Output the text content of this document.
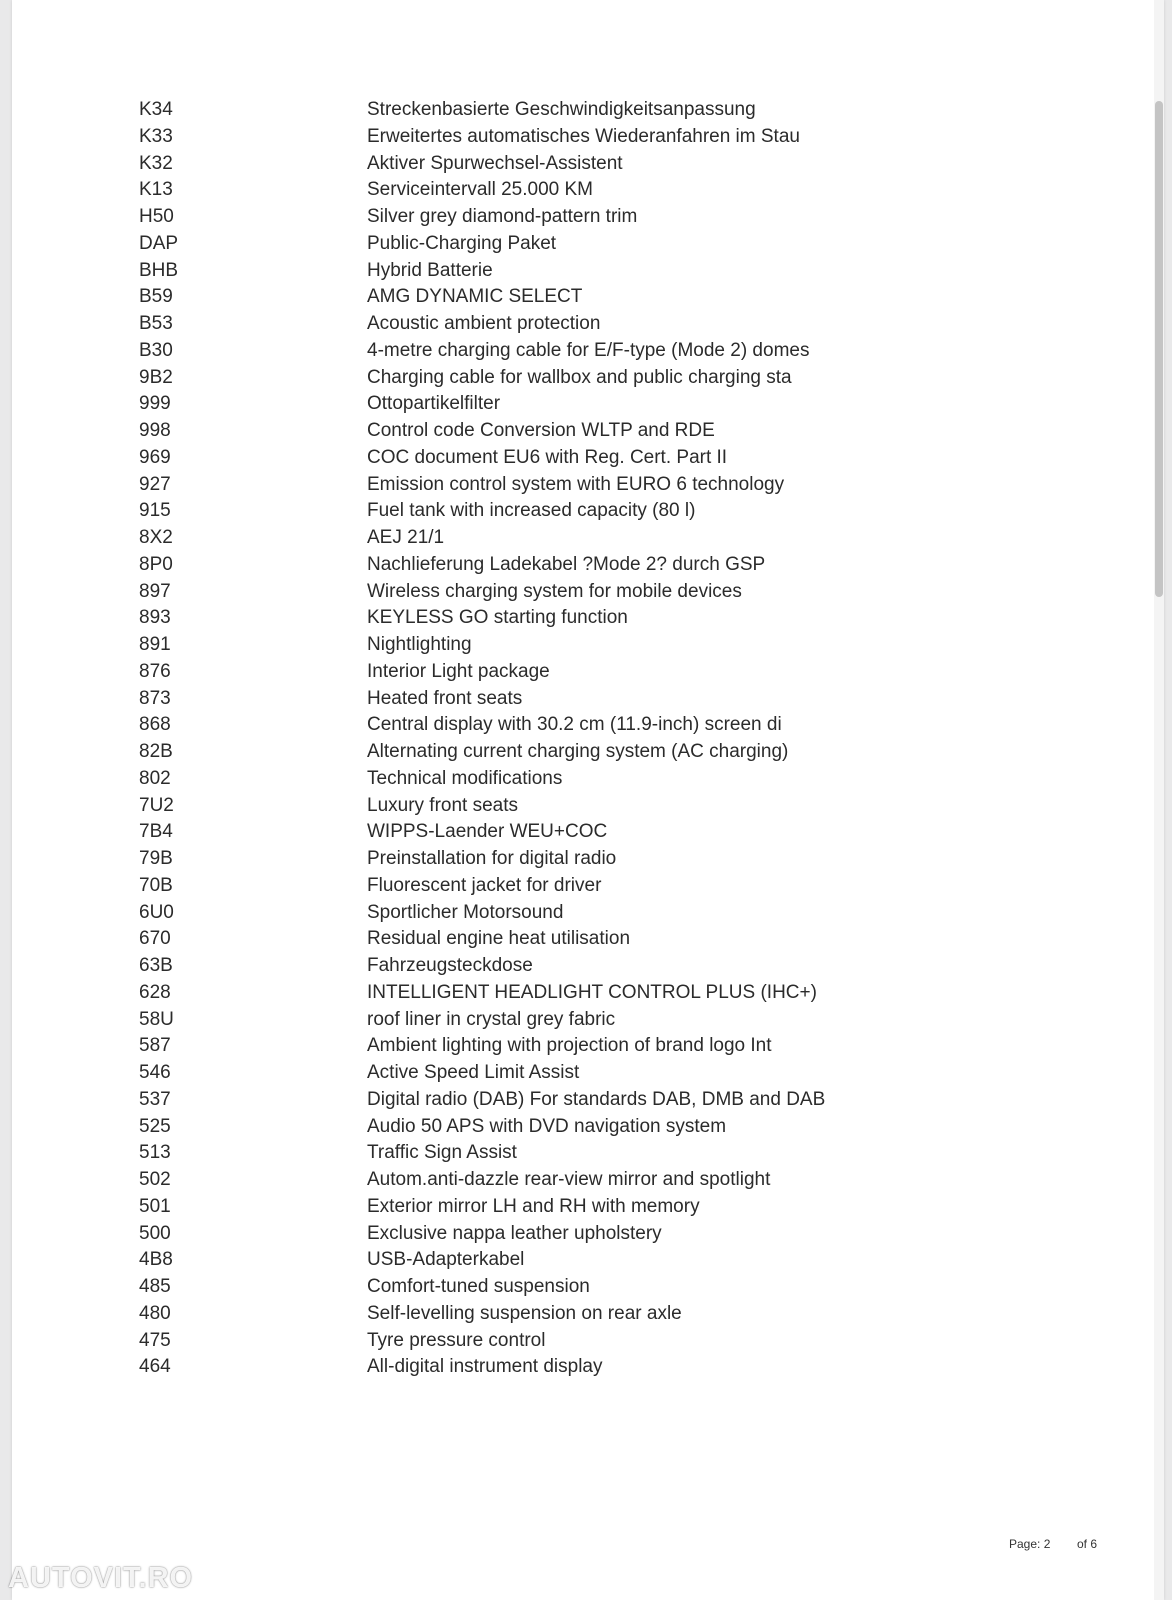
K34	Streckenbasierte Geschwindigkeitsanpassung
K33	Erweitertes automatisches Wiederanfahren im Stau
K32	Aktiver Spurwechsel-Assistent
K13	Serviceintervall 25.000 KM
H50	Silver grey diamond-pattern trim
DAP	Public-Charging Paket
BHB	Hybrid Batterie
B59	AMG DYNAMIC SELECT
B53	Acoustic ambient protection
B30	4-metre charging cable for E/F-type (Mode 2) domes
9B2	Charging cable for wallbox and public charging sta
999	Ottopartikelfilter
998	Control code Conversion WLTP and RDE
969	COC document EU6 with Reg. Cert. Part II
927	Emission control system with EURO 6 technology
915	Fuel tank with increased capacity (80 l)
8X2	AEJ 21/1
8P0	Nachlieferung Ladekabel ?Mode 2? durch GSP
897	Wireless charging system for mobile devices
893	KEYLESS GO starting function
891	Nightlighting
876	Interior Light package
873	Heated front seats
868	Central display with 30.2 cm (11.9-inch) screen di
82B	Alternating current charging system (AC charging)
802	Technical modifications
7U2	Luxury front seats
7B4	WIPPS-Laender WEU+COC
79B	Preinstallation for digital radio
70B	Fluorescent jacket for driver
6U0	Sportlicher Motorsound
670	Residual engine heat utilisation
63B	Fahrzeugsteckdose
628	INTELLIGENT HEADLIGHT CONTROL PLUS (IHC+)
58U	roof liner in crystal grey fabric
587	Ambient lighting with projection of brand logo Int
546	Active Speed Limit Assist
537	Digital radio (DAB) For standards DAB, DMB and DAB
525	Audio 50 APS with DVD navigation system
513	Traffic Sign Assist
502	Autom.anti-dazzle rear-view mirror and spotlight
501	Exterior mirror LH and RH with memory
500	Exclusive nappa leather upholstery
4B8	USB-Adapterkabel
485	Comfort-tuned suspension
480	Self-levelling suspension on rear axle
475	Tyre pressure control
464	All-digital instrument display
Page: 2 of 6
AUTOVIT.RO
